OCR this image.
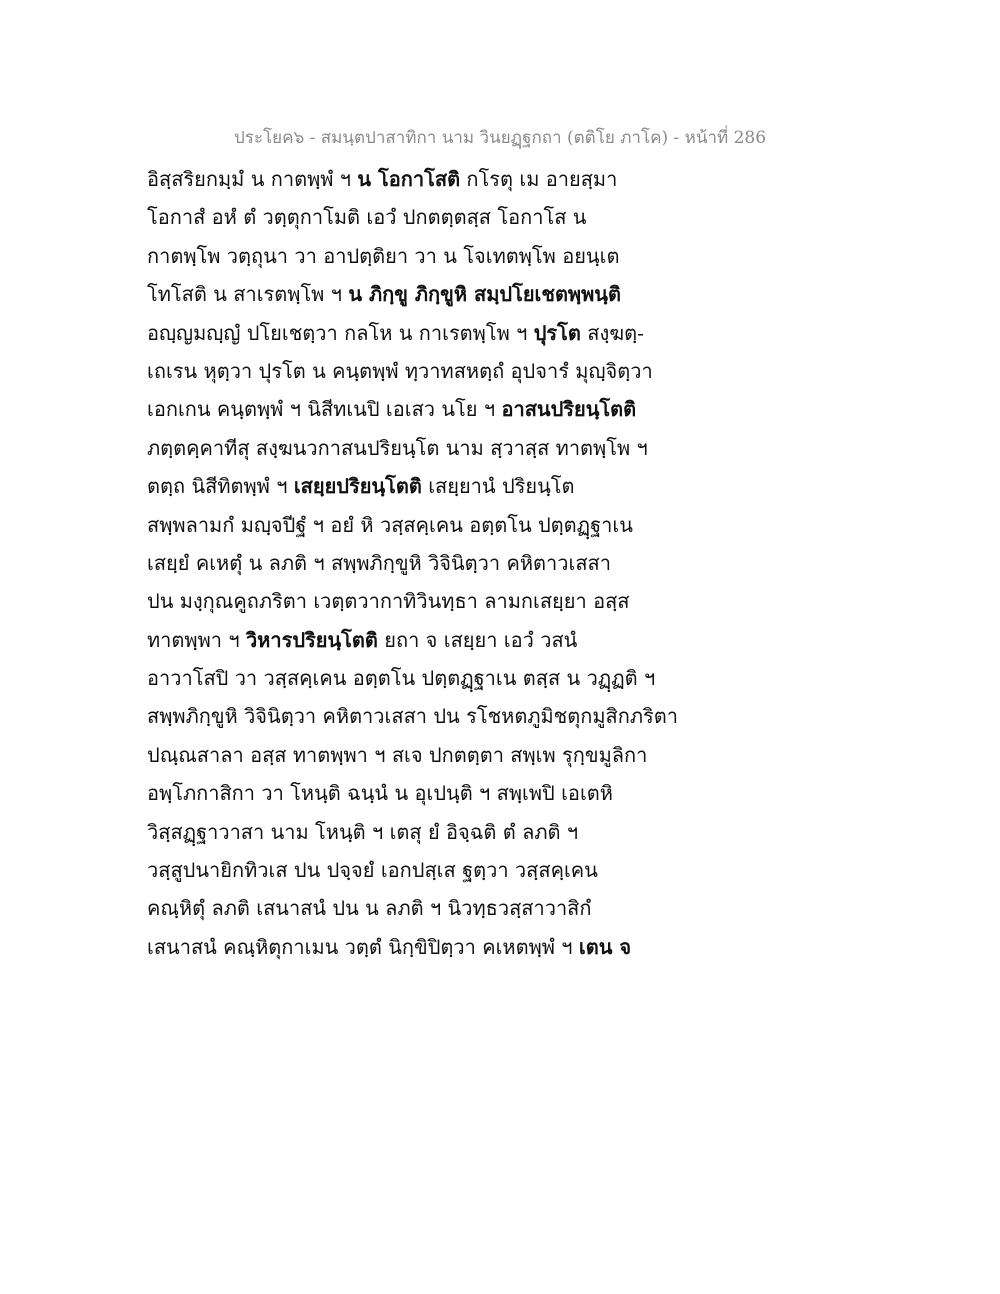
ประโยค๖ - สมนฺตปาสาทิกา นาม วินยฏฺฐกถา (ตติโย ภาโค) - หน้าที่ 286
อิสฺสริยกมฺมํ น กาตพฺพํ ฯ น โอกาโสติ กโรตุ เม อายสฺมา
โอกาสํ อหํ ตํ วตฺตุกาโมติ เอวํ ปกตตฺตสฺส โอกาโส น
กาตพฺโพ วตฺถุนา วา อาปตฺติยา วา น โจเทตพฺโพ อยนฺเต
โทโสติ น สาเรตพฺโพ ฯ น ภิกฺขู ภิกฺขูหิ สมฺปโยเชตพฺพนฺติ
อญฺญมญฺญํ ปโยเชตฺวา กลโห น กาเรตพฺโพ ฯ ปุรโต สงฺฆตฺ-
เถเรน หุตฺวา ปุรโต น คนฺตพฺพํ ทฺวาทสหตฺถํ อุปจารํ มุญฺจิตฺวา
เอกเกน คนฺตพฺพํ ฯ นิสีทเนปิ เอเสว นโย ฯ อาสนปริยนฺโตติ
ภตฺตคฺคาทีสุ สงฺฆนวกาสนปริยนฺโต นาม สฺวาสฺส ทาตพฺโพ ฯ
ตตฺถ นิสีทิตพฺพํ ฯ เสยฺยปริยนฺโตติ เสยฺยานํ ปริยนฺโต
สพฺพลามกํ มญฺจปีฐํ ฯ อยํ หิ วสฺสคฺเคน อตฺตโน ปตฺตฏฺฐาเน
เสยฺยํ คเหตุํ น ลภติ ฯ สพฺพภิกฺขูหิ วิจินิตฺวา คหิตาวเสสา
ปน มงฺกุณคูถภริตา เวตฺตวากาทิวินทฺธา ลามกเสยฺยา อสฺส
ทาตพฺพา ฯ วิหารปริยนฺโตติ ยถา จ เสยฺยา เอวํ วสนํ
อาวาโสปิ วา วสฺสคฺเคน อตฺตโน ปตฺตฏฺฐาเน ตสฺส น วฏฺฏติ ฯ
สพฺพภิกฺขูหิ วิจินิตฺวา คหิตาวเสสา ปน รโชหตภูมิชตุกมูสิกภริตา
ปณฺณสาลา อสฺส ทาตพฺพา ฯ สเจ ปกตตฺตา สพฺเพ รุกฺขมูลิกา
อพฺโภกาสิกา วา โหนฺติ ฉนฺนํ น อุเปนฺติ ฯ สพฺเพปิ เอเตหิ
วิสฺสฏฺฐาวาสา นาม โหนฺติ ฯ เตสุ ยํ อิจฺฉติ ตํ ลภติ ฯ
วสฺสูปนายิกทิวเส ปน ปจฺจยํ เอกปสฺเส ฐตฺวา วสฺสคฺเคน
คณฺหิตุํ ลภติ เสนาสนํ ปน น ลภติ ฯ นิวทฺธวสฺสาวาสิกํ
เสนาสนํ คณฺหิตุกาเมน วตฺตํ นิกฺขิปิตฺวา คเหตพฺพํ ฯ เตน จ
